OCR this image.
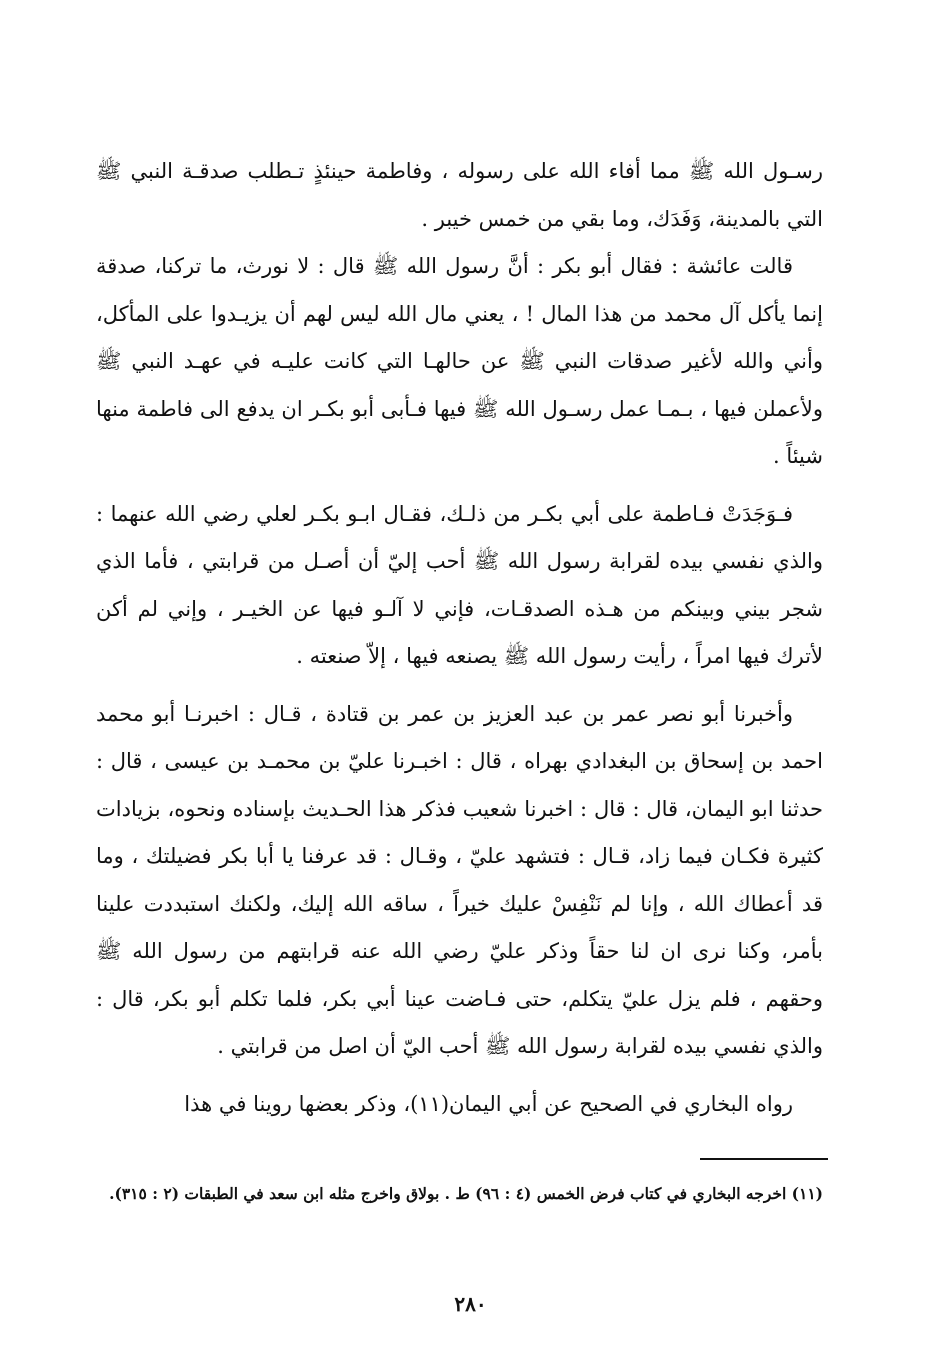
رسـول الله ﷺ مما أفاء الله على رسوله ، وفاطمة حينئذٍ تـطلب صدقـة النبي ﷺ التي بالمدينة، وَفَدَك، وما بقي من خمس خيبر .

قالت عائشة : فقال أبو بكر : أنَّ رسول الله ﷺ قال : لا نورث، ما تركنا، صدقة إنما يأكل آل محمد من هذا المال ! ، يعني مال الله ليس لهم أن يزيـدوا على المأكل، وأني والله لأغير صدقات النبي ﷺ عن حالهـا التي كانت عليـه في عهـد النبي ﷺ ولأعملن فيها ، بـمـا عمل رسـول الله ﷺ فيها فـأبى أبو بكـر ان يدفع الى فاطمة منها شيئاً .

فـوَجَدَتْ فـاطمة على أبي بكـر من ذلـك، فقـال ابـو بكـر لعلي رضي الله عنهما : والذي نفسي بيده لقرابة رسول الله ﷺ أحب إليّ أن أصـل من قرابتي ، فأما الذي شجر بيني وبينكم من هـذه الصدقـات، فإني لا آلـو فيها عن الخيـر ، وإني لم أكن لأترك فيها امراً ، رأيت رسول الله ﷺ يصنعه فيها ، إلاّ صنعته .

وأخبرنا أبو نصر عمر بن عبد العزيز بن عمر بن قتادة ، قـال : اخبرنـا أبو محمد احمد بن إسحاق بن البغدادي بهراه ، قال : اخبـرنا عليّ بن محمـد بن عيسى ، قال : حدثنا ابو اليمان، قال : قال : اخبرنا شعيب فذكر هذا الحـديث بإسناده ونحوه، بزيادات كثيرة فكـان فيما زاد، قـال : فتشهد عليّ ، وقـال : قد عرفنا يا أبا بكر فضيلتك ، وما قد أعطاك الله ، وإنا لم نَنْفِسْ عليك خيراً ، ساقه الله إليك، ولكنك استبددت علينا بأمر، وكنا نرى ان لنا حقاً وذكر عليّ رضي الله عنه قرابتهم من رسول الله ﷺ وحقهم ، فلم يزل عليّ يتكلم، حتى فـاضت عينا أبي بكر، فلما تكلم أبو بكر، قال : والذي نفسي بيده لقرابة رسول الله ﷺ أحب اليّ أن اصل من قرابتي .

رواه البخاري في الصحيح عن أبي اليمان(١١)، وذكر بعضها روينا في هذا

(١١) اخرجه البخاري في كتاب فرض الخمس (٤ : ٩٦) ط . بولاق واخرج مثله ابن سعد في الطبقات (٢ : ٣١٥).
٢٨٠
